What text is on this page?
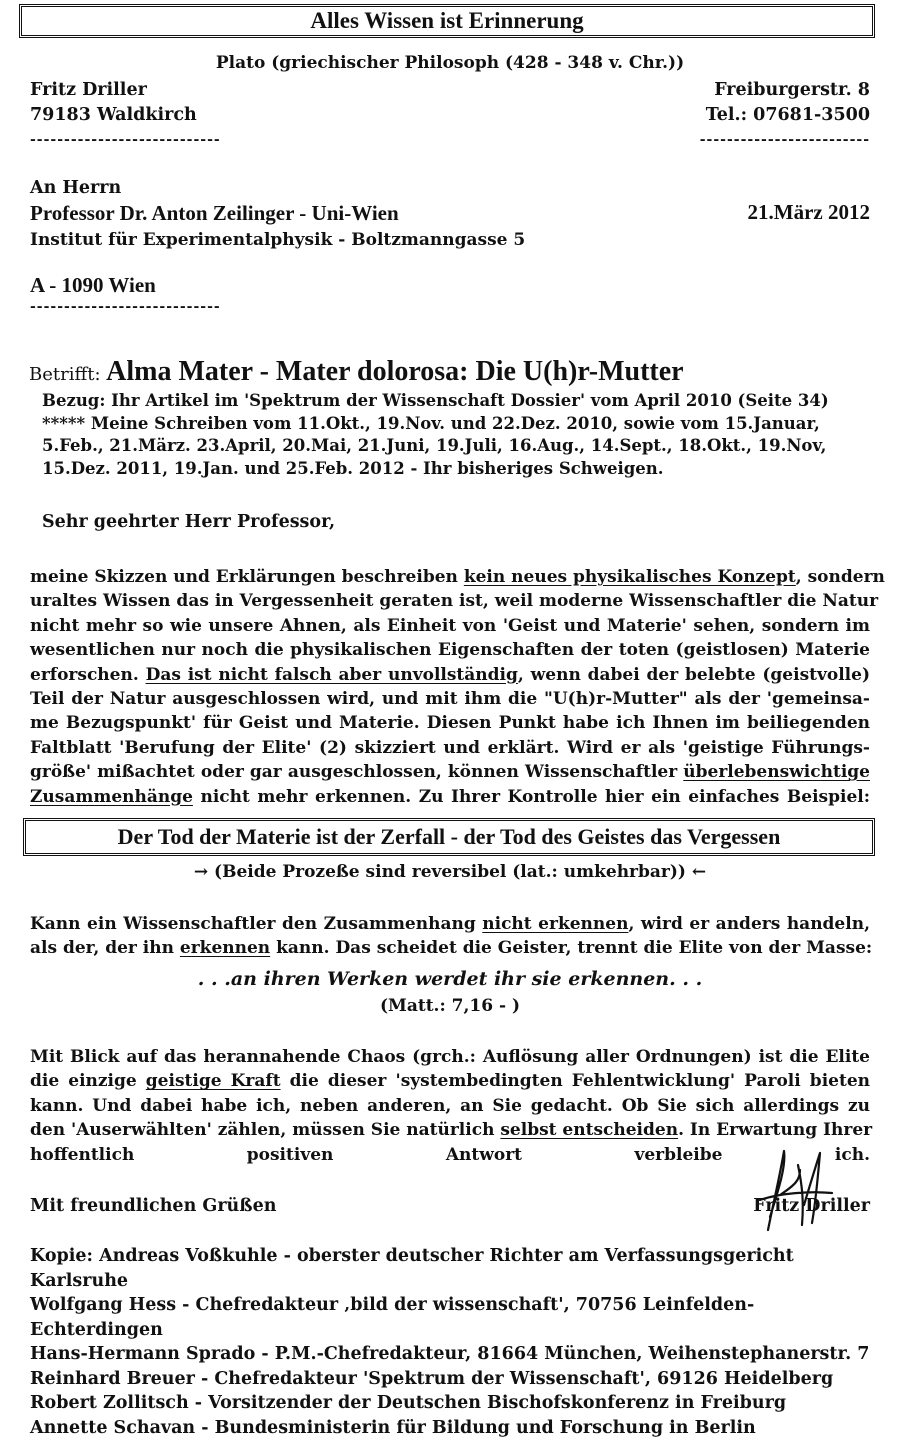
Alles Wissen ist Erinnerung
Plato (griechischer Philosoph (428 - 348 v. Chr.))
Fritz Driller
79183 Waldkirch
----------------------------
Freiburgerstr. 8
Tel.: 07681-3500
-------------------------
An Herrn
Professor Dr. Anton Zeilinger - Uni-Wien
Institut für Experimentalphysik - Boltzmanngasse 5
A - 1090 Wien
----------------------------
21.März 2012
Betrifft: Alma Mater - Mater dolorosa: Die U(h)r-Mutter
Bezug: Ihr Artikel im 'Spektrum der Wissenschaft Dossier' vom April 2010 (Seite 34)
***** Meine Schreiben vom 11.Okt., 19.Nov. und 22.Dez. 2010, sowie vom 15.Januar,
5.Feb., 21.März. 23.April, 20.Mai, 21.Juni, 19.Juli, 16.Aug., 14.Sept., 18.Okt., 19.Nov,
15.Dez. 2011, 19.Jan. und 25.Feb. 2012 - Ihr bisheriges Schweigen.
Sehr geehrter Herr Professor,
meine Skizzen und Erklärungen beschreiben kein neues physikalisches Konzept, sondern
uraltes Wissen das in Vergessenheit geraten ist, weil moderne Wissenschaftler die Natur
nicht mehr so wie unsere Ahnen, als Einheit von 'Geist und Materie' sehen, sondern im
wesentlichen nur noch die physikalischen Eigenschaften der toten (geistlosen) Materie
erforschen. Das ist nicht falsch aber unvollständig, wenn dabei der belebte (geistvolle)
Teil der Natur ausgeschlossen wird, und mit ihm die "U(h)r-Mutter" als der 'gemeinsa-
me Bezugspunkt' für Geist und Materie. Diesen Punkt habe ich Ihnen im beiliegenden
Faltblatt 'Berufung der Elite' (2) skizziert und erklärt. Wird er als 'geistige Führungs-
größe' mißachtet oder gar ausgeschlossen, können Wissenschaftler überlebenswichtige
Zusammenhänge nicht mehr erkennen. Zu Ihrer Kontrolle hier ein einfaches Beispiel:
Der Tod der Materie ist der Zerfall - der Tod des Geistes das Vergessen
→ (Beide Prozeße sind reversibel (lat.: umkehrbar)) ←
Kann ein Wissenschaftler den Zusammenhang nicht erkennen, wird er anders handeln,
als der, der ihn erkennen kann. Das scheidet die Geister, trennt die Elite von der Masse:
. . .an ihren Werken werdet ihr sie erkennen. . .
(Matt.: 7,16 - )
Mit Blick auf das herannahende Chaos (grch.: Auflösung aller Ordnungen) ist die Elite
die einzige geistige Kraft die dieser 'systembedingten Fehlentwicklung' Paroli bieten
kann. Und dabei habe ich, neben anderen, an Sie gedacht. Ob Sie sich allerdings zu
den 'Auserwählten' zählen, müssen Sie natürlich selbst entscheiden. In Erwartung Ihrer
hoffentlich positiven Antwort verbleibe ich.
Mit freundlichen Grüßen	Fritz Driller
Kopie: Andreas Voßkuhle - oberster deutscher Richter am Verfassungsgericht Karlsruhe
Wolfgang Hess - Chefredakteur ‚bild der wissenschaft', 70756 Leinfelden-Echterdingen
Hans-Hermann Sprado - P.M.-Chefredakteur, 81664 München, Weihenstephanerstr. 7
Reinhard Breuer - Chefredakteur 'Spektrum der Wissenschaft', 69126 Heidelberg
Robert Zollitsch - Vorsitzender der Deutschen Bischofskonferenz in Freiburg
Annette Schavan - Bundesministerin für Bildung und Forschung in Berlin
